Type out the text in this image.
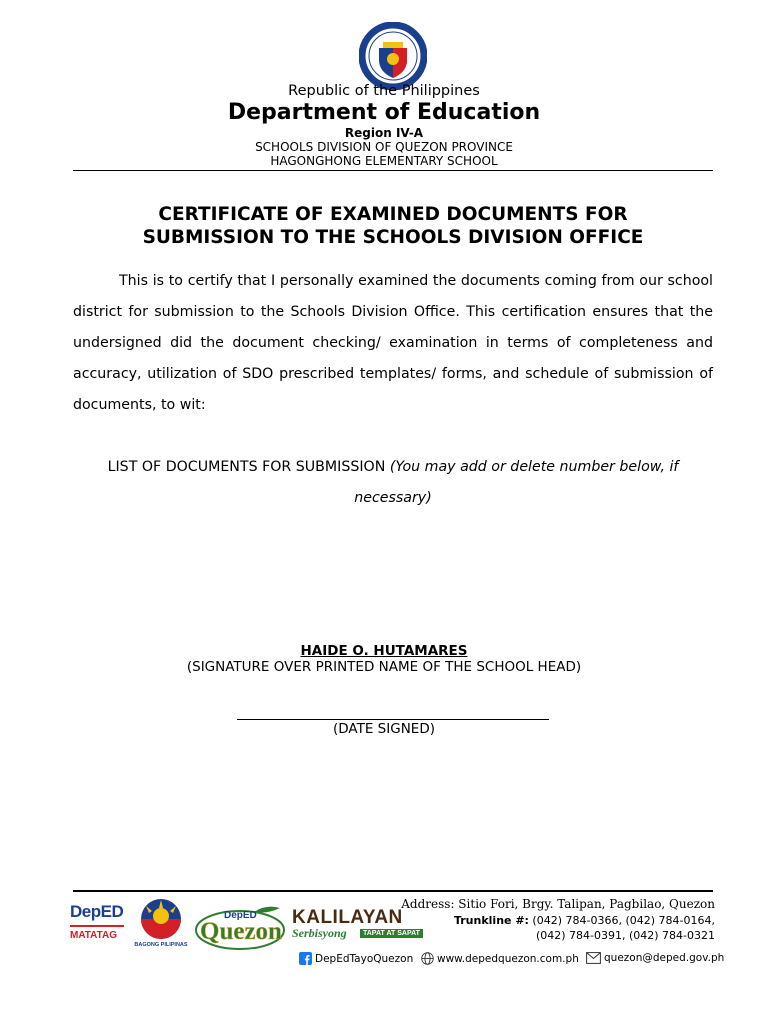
Republic of the Philippines
Department of Education
Region IV-A
SCHOOLS DIVISION OF QUEZON PROVINCE
HAGONGHONG ELEMENTARY SCHOOL
CERTIFICATE OF EXAMINED DOCUMENTS FOR
SUBMISSION TO THE SCHOOLS DIVISION OFFICE

This is to certify that I personally examined the documents coming from our school district for submission to the Schools Division Office. This certification ensures that the undersigned did the document checking/ examination in terms of completeness and accuracy, utilization of SDO prescribed templates/ forms, and schedule of submission of documents, to wit:

LIST OF DOCUMENTS FOR SUBMISSION (You may add or delete number below, if necessary)

HAIDE O. HUTAMARES
(SIGNATURE OVER PRINTED NAME OF THE SCHOOL HEAD)
(DATE SIGNED)
DepED
MATATAG
BAGONG PILIPINAS
DepED
Quezon
KALILAYAN
Serbisyong	TAPAT AT SAPAT
Address: Sitio Fori, Brgy. Talipan, Pagbilao, Quezon
Trunkline #: (042) 784-0366, (042) 784-0164,
(042) 784-0391, (042) 784-0321
DepEdTayoQuezon www.depedquezon.com.ph quezon@deped.gov.ph
